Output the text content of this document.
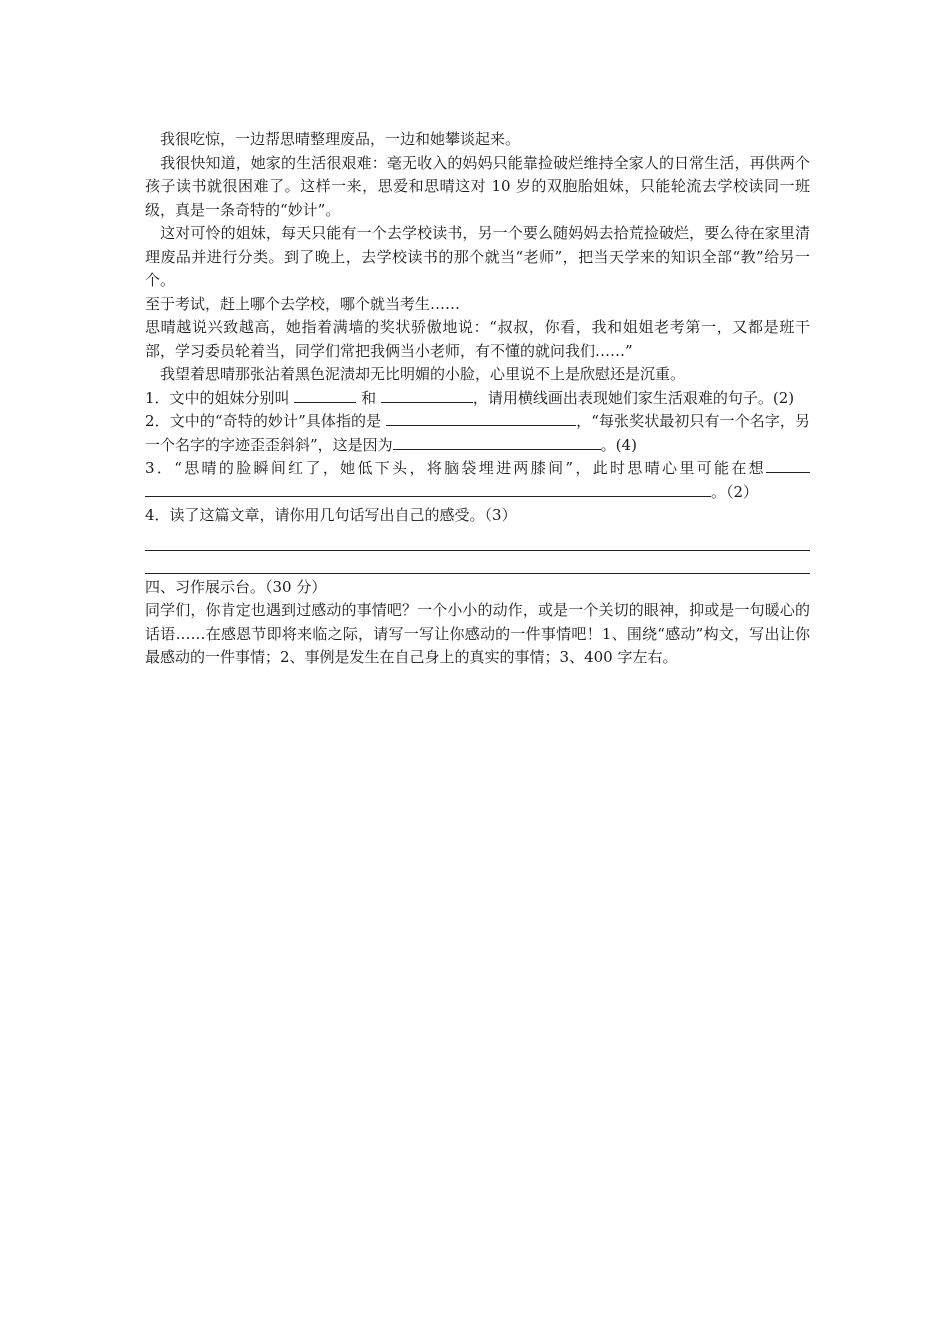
　我很吃惊，一边帮思晴整理废品，一边和她攀谈起来。

　我很快知道，她家的生活很艰难：毫无收入的妈妈只能靠捡破烂维持全家人的日常生活，再供两个孩子读书就很困难了。这样一来，思爱和思晴这对 10 岁的双胞胎姐妹，只能轮流去学校读同一班级，真是一条奇特的“妙计”。

　这对可怜的姐妹，每天只能有一个去学校读书，另一个要么随妈妈去拾荒捡破烂，要么待在家里清理废品并进行分类。到了晚上，去学校读书的那个就当“老师”，把当天学来的知识全部“教”给另一个。

至于考试，赶上哪个去学校，哪个就当考生……

思晴越说兴致越高，她指着满墙的奖状骄傲地说：“叔叔，你看，我和姐姐老考第一，又都是班干部，学习委员轮着当，同学们常把我俩当小老师，有不懂的就问我们……”

　我望着思晴那张沾着黑色泥渍却无比明媚的小脸，心里说不上是欣慰还是沉重。

1．文中的姐妹分别叫	和	，请用横线画出表现她们家生活艰难的句子。(2)

2．文中的“奇特的妙计”具体指的是	，“每张奖状最初只有一个名字，另一个名字的字迹歪歪斜斜”，这是因为	。(4)

3．“思晴的脸瞬间红了，她低下头，将脑袋埋进两膝间”，此时思晴心里可能在想。（2）

4．读了这篇文章，请你用几句话写出自己的感受。（3）

四、习作展示台。（30 分）

同学们，你肯定也遇到过感动的事情吧？一个小小的动作，或是一个关切的眼神，抑或是一句暖心的话语……在感恩节即将来临之际，请写一写让你感动的一件事情吧！1、围绕“感动”构文，写出让你最感动的一件事情；2、事例是发生在自己身上的真实的事情；3、400 字左右。
